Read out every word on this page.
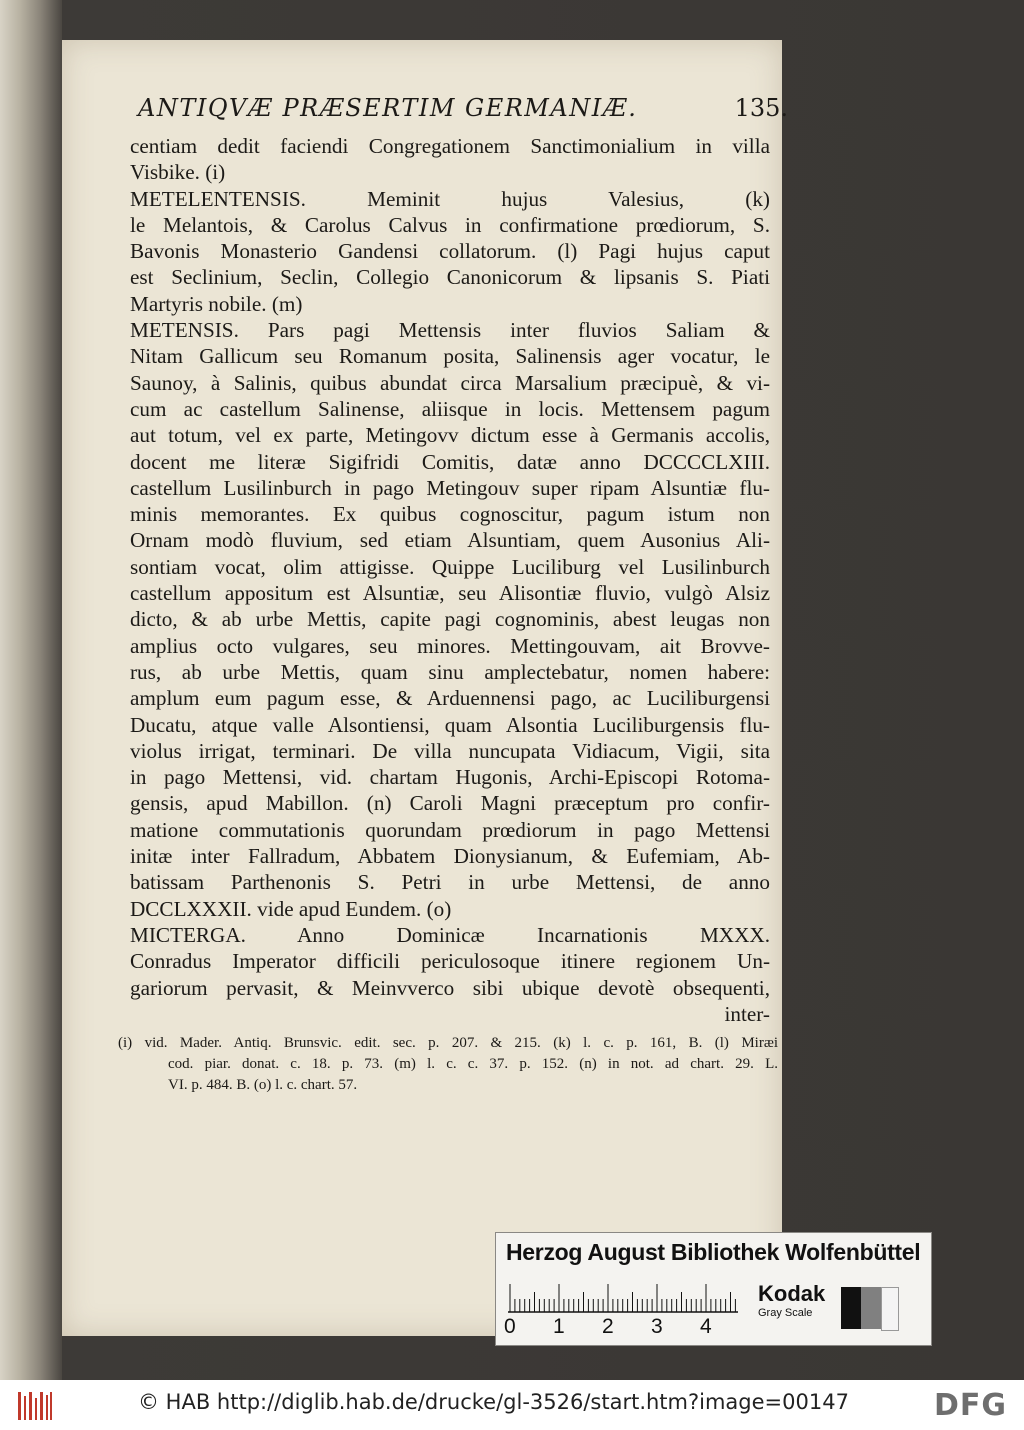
ANTIQVÆ PRÆSERTIM GERMANIÆ.	135.
centiam dedit faciendi Congregationem Sanctimonialium in villa
Visbike. (i)
METELENTENSIS. Meminit hujus Valesius, (k)
le Melantois, & Carolus Calvus in confirmatione prœdiorum, S.
Bavonis Monasterio Gandensi collatorum. (l) Pagi hujus caput
est Seclinium, Seclin, Collegio Canonicorum & lipsanis S. Piati
Martyris nobile. (m)
METENSIS. Pars pagi Mettensis inter fluvios Saliam &
Nitam Gallicum seu Romanum posita, Salinensis ager vocatur, le
Saunoy, à Salinis, quibus abundat circa Marsalium præcipuè, & vi-
cum ac castellum Salinense, aliisque in locis. Mettensem pagum
aut totum, vel ex parte, Metingovv dictum esse à Germanis accolis,
docent me literæ Sigifridi Comitis, datæ anno DCCCCLXIII.
castellum Lusilinburch in pago Metingouv super ripam Alsuntiæ flu-
minis memorantes. Ex quibus cognoscitur, pagum istum non
Ornam modò fluvium, sed etiam Alsuntiam, quem Ausonius Ali-
sontiam vocat, olim attigisse. Quippe Luciliburg vel Lusilinburch
castellum appositum est Alsuntiæ, seu Alisontiæ fluvio, vulgò Alsiz
dicto, & ab urbe Mettis, capite pagi cognominis, abest leugas non
amplius octo vulgares, seu minores. Mettingouvam, ait Brovve-
rus, ab urbe Mettis, quam sinu amplectebatur, nomen habere:
amplum eum pagum esse, & Arduennensi pago, ac Luciliburgensi
Ducatu, atque valle Alsontiensi, quam Alsontia Luciliburgensis flu-
violus irrigat, terminari. De villa nuncupata Vidiacum, Vigii, sita
in pago Mettensi, vid. chartam Hugonis, Archi-Episcopi Rotoma-
gensis, apud Mabillon. (n) Caroli Magni præceptum pro confir-
matione commutationis quorundam prœdiorum in pago Mettensi
initæ inter Fallradum, Abbatem Dionysianum, & Eufemiam, Ab-
batissam Parthenonis S. Petri in urbe Mettensi, de anno
DCCLXXXII. vide apud Eundem. (o)
MICTERGA. Anno Dominicæ Incarnationis MXXX.
Conradus Imperator difficili periculosoque itinere regionem Un-
gariorum pervasit, & Meinvverco sibi ubique devotè obsequenti,
inter-
(i) vid. Mader. Antiq. Brunsvic. edit. sec. p. 207. & 215. (k) l. c. p. 161, B. (l) Miræi
cod. piar. donat. c. 18. p. 73. (m) l. c. c. 37. p. 152. (n) in not. ad chart. 29. L.
VI. p. 484. B. (o) l. c. chart. 57.
Herzog August Bibliothek Wolfenbüttel
0 1 2 3 4
Kodak
Gray Scale
© HAB http://diglib.hab.de/drucke/gl-3526/start.htm?image=00147	DFG
